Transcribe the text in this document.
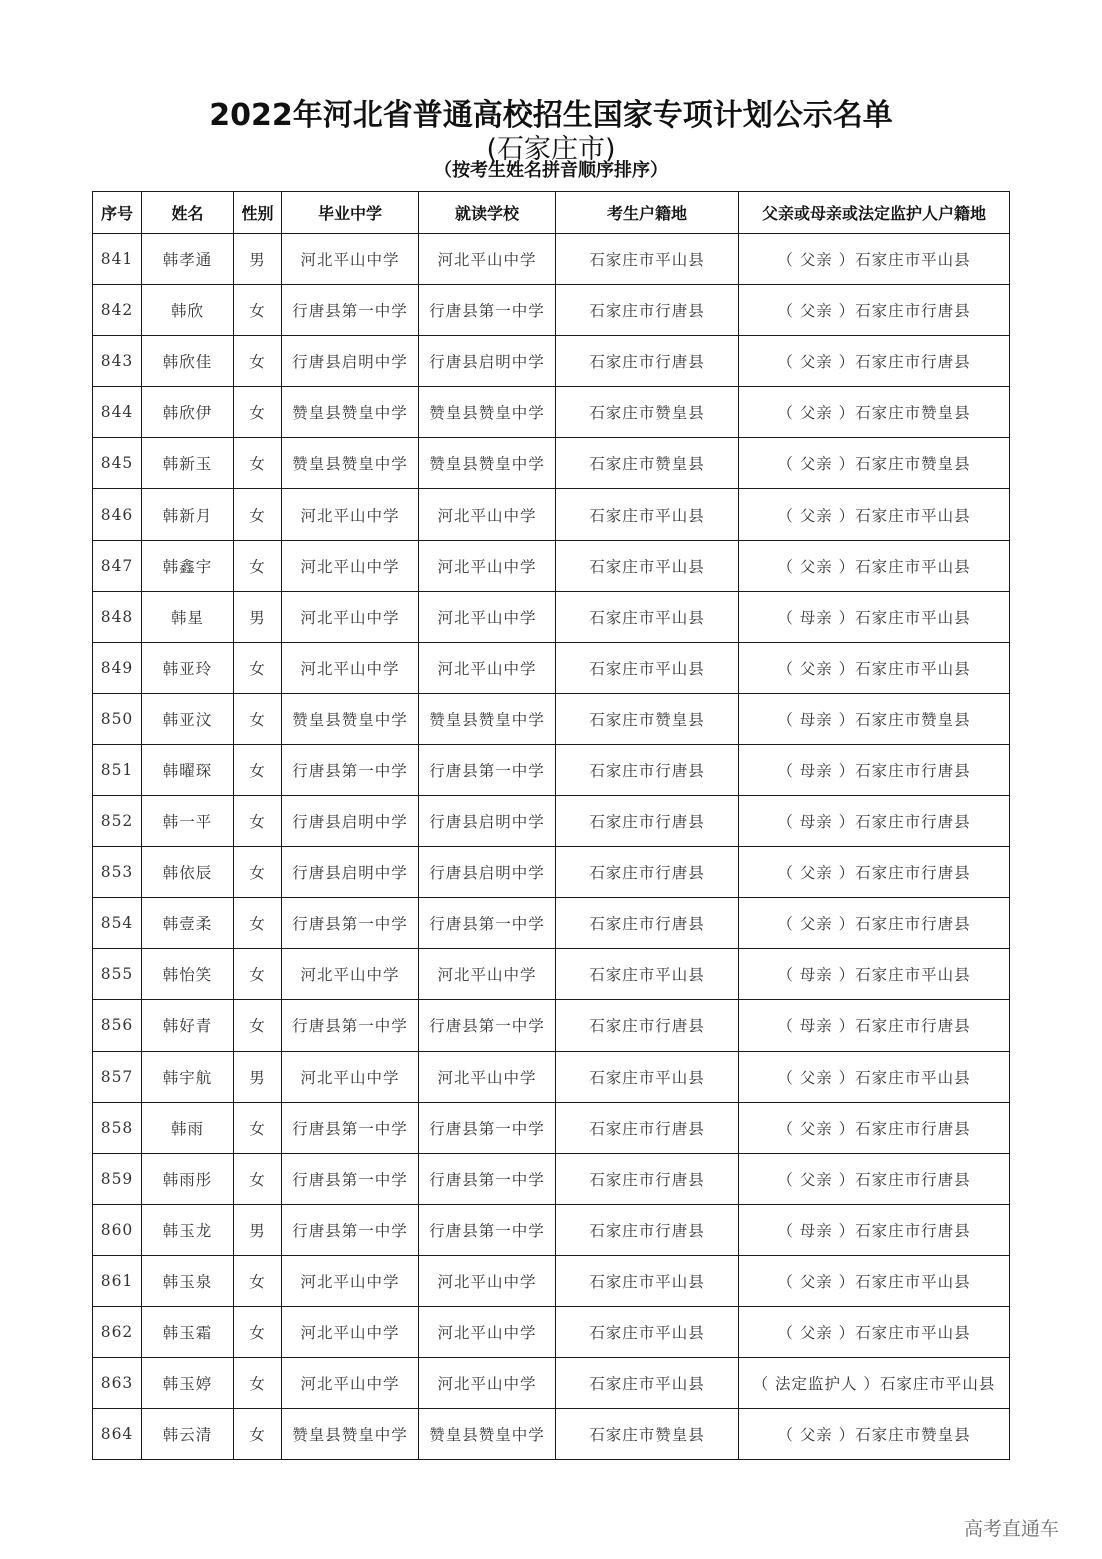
2022年河北省普通高校招生国家专项计划公示名单
(石家庄市)
（按考生姓名拼音顺序排序）
序号	姓名	性别	毕业中学	就读学校	考生户籍地	父亲或母亲或法定监护人户籍地
841	韩孝通	男	河北平山中学	河北平山中学	石家庄市平山县	（ 父亲 ）石家庄市平山县
842	韩欣	女	行唐县第一中学	行唐县第一中学	石家庄市行唐县	（ 父亲 ）石家庄市行唐县
843	韩欣佳	女	行唐县启明中学	行唐县启明中学	石家庄市行唐县	（ 父亲 ）石家庄市行唐县
844	韩欣伊	女	赞皇县赞皇中学	赞皇县赞皇中学	石家庄市赞皇县	（ 父亲 ）石家庄市赞皇县
845	韩新玉	女	赞皇县赞皇中学	赞皇县赞皇中学	石家庄市赞皇县	（ 父亲 ）石家庄市赞皇县
846	韩新月	女	河北平山中学	河北平山中学	石家庄市平山县	（ 父亲 ）石家庄市平山县
847	韩鑫宇	女	河北平山中学	河北平山中学	石家庄市平山县	（ 父亲 ）石家庄市平山县
848	韩星	男	河北平山中学	河北平山中学	石家庄市平山县	（ 母亲 ）石家庄市平山县
849	韩亚玲	女	河北平山中学	河北平山中学	石家庄市平山县	（ 父亲 ）石家庄市平山县
850	韩亚汶	女	赞皇县赞皇中学	赞皇县赞皇中学	石家庄市赞皇县	（ 母亲 ）石家庄市赞皇县
851	韩曜琛	女	行唐县第一中学	行唐县第一中学	石家庄市行唐县	（ 母亲 ）石家庄市行唐县
852	韩一平	女	行唐县启明中学	行唐县启明中学	石家庄市行唐县	（ 母亲 ）石家庄市行唐县
853	韩依辰	女	行唐县启明中学	行唐县启明中学	石家庄市行唐县	（ 父亲 ）石家庄市行唐县
854	韩壹柔	女	行唐县第一中学	行唐县第一中学	石家庄市行唐县	（ 父亲 ）石家庄市行唐县
855	韩怡笑	女	河北平山中学	河北平山中学	石家庄市平山县	（ 母亲 ）石家庄市平山县
856	韩好青	女	行唐县第一中学	行唐县第一中学	石家庄市行唐县	（ 母亲 ）石家庄市行唐县
857	韩宇航	男	河北平山中学	河北平山中学	石家庄市平山县	（ 父亲 ）石家庄市平山县
858	韩雨	女	行唐县第一中学	行唐县第一中学	石家庄市行唐县	（ 父亲 ）石家庄市行唐县
859	韩雨彤	女	行唐县第一中学	行唐县第一中学	石家庄市行唐县	（ 父亲 ）石家庄市行唐县
860	韩玉龙	男	行唐县第一中学	行唐县第一中学	石家庄市行唐县	（ 母亲 ）石家庄市行唐县
861	韩玉泉	女	河北平山中学	河北平山中学	石家庄市平山县	（ 父亲 ）石家庄市平山县
862	韩玉霜	女	河北平山中学	河北平山中学	石家庄市平山县	（ 父亲 ）石家庄市平山县
863	韩玉婷	女	河北平山中学	河北平山中学	石家庄市平山县	（ 法定监护人 ）石家庄市平山县
864	韩云清	女	赞皇县赞皇中学	赞皇县赞皇中学	石家庄市赞皇县	（ 父亲 ）石家庄市赞皇县
高考直通车
